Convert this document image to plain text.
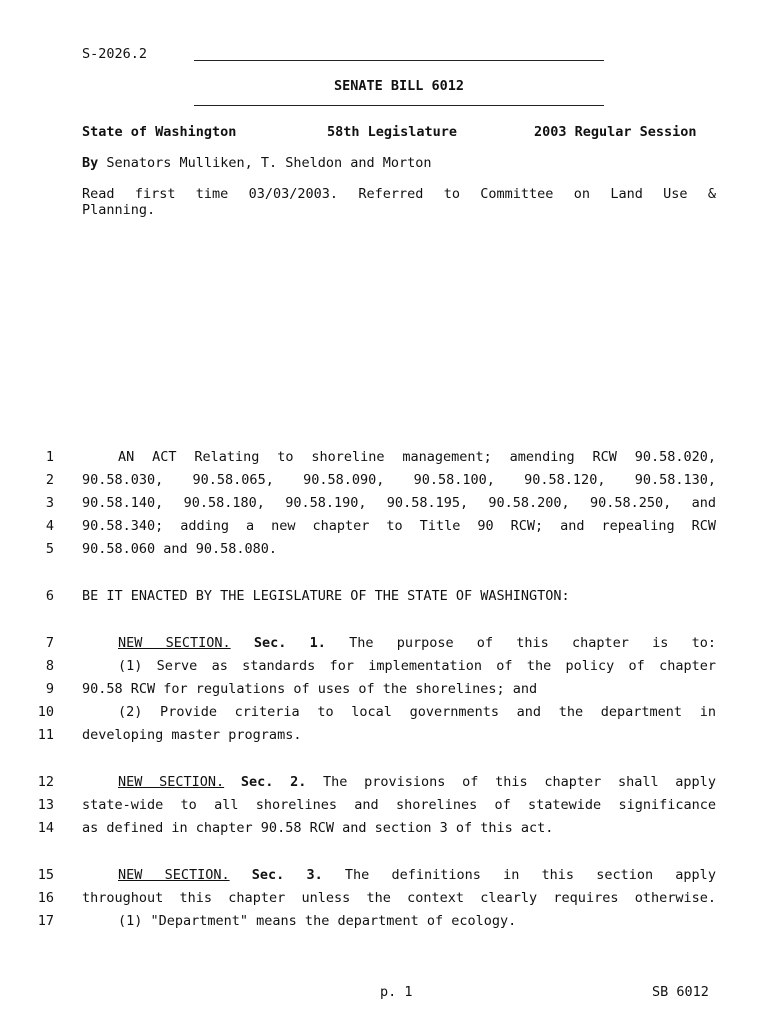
S-2026.2
SENATE BILL 6012
State of Washington	58th Legislature	2003 Regular Session
By Senators Mulliken, T. Sheldon and Morton
Read first time 03/03/2003. Referred to Committee on Land Use &
Planning.
1	AN ACT Relating to shoreline management; amending RCW 90.58.020,
2 90.58.030, 90.58.065, 90.58.090, 90.58.100, 90.58.120, 90.58.130,
3 90.58.140, 90.58.180, 90.58.190, 90.58.195, 90.58.200, 90.58.250, and
4 90.58.340; adding a new chapter to Title 90 RCW; and repealing RCW
5 90.58.060 and 90.58.080.
6 BE IT ENACTED BY THE LEGISLATURE OF THE STATE OF WASHINGTON:
7	NEW SECTION. Sec. 1. The purpose of this chapter is to:
8	(1) Serve as standards for implementation of the policy of chapter
9 90.58 RCW for regulations of uses of the shorelines; and
10	(2) Provide criteria to local governments and the department in
11 developing master programs.
12	NEW SECTION. Sec. 2. The provisions of this chapter shall apply
13 state-wide to all shorelines and shorelines of statewide significance
14 as defined in chapter 90.58 RCW and section 3 of this act.
15	NEW SECTION. Sec. 3. The definitions in this section apply
16 throughout this chapter unless the context clearly requires otherwise.
17	(1) "Department" means the department of ecology.
p. 1	SB 6012
